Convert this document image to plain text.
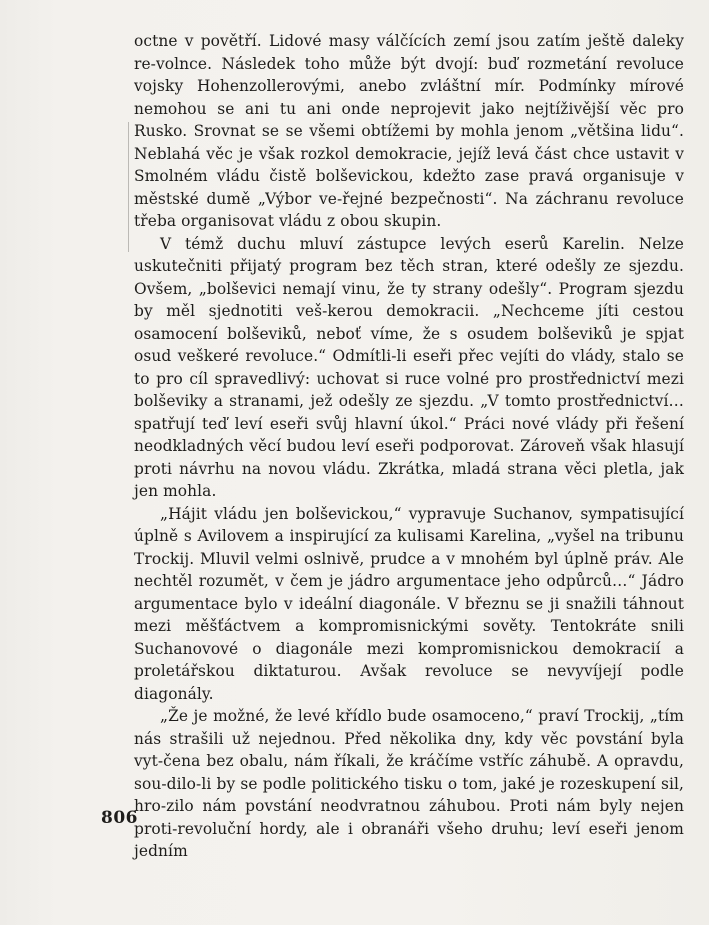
octne v povětří. Lidové masy válčících zemí jsou zatím ještě daleky re-volnce. Následek toho může být dvojí: buď rozmetání revoluce vojsky Hohenzollerovými, anebo zvláštní mír. Podmínky mírové nemohou se ani tu ani onde neprojevit jako nejtíživější věc pro Rusko. Srovnat se se všemi obtížemi by mohla jenom „většina lidu“. Neblahá věc je však rozkol demokracie, jejíž levá část chce ustavit v Smolném vládu čistě bolševickou, kdežto zase pravá organisuje v městské dumě „Výbor ve-řejné bezpečnosti“. Na záchranu revoluce třeba organisovat vládu z obou skupin.

V témž duchu mluví zástupce levých eserů Karelin. Nelze uskutečniti přijatý program bez těch stran, které odešly ze sjezdu. Ovšem, „bolševici nemají vinu, že ty strany odešly“. Program sjezdu by měl sjednotiti veš-kerou demokracii. „Nechceme jíti cestou osamocení bolševiků, neboť víme, že s osudem bolševiků je spjat osud veškeré revoluce.“ Odmítli-li eseři přec vejíti do vlády, stalo se to pro cíl spravedlivý: uchovat si ruce volné pro prostřednictví mezi bolševiky a stranami, jež odešly ze sjezdu. „V tomto prostřednictví… spatřují teď leví eseři svůj hlavní úkol.“ Práci nové vlády při řešení neodkladných věcí budou leví eseři podporovat. Zároveň však hlasují proti návrhu na novou vládu. Zkrátka, mladá strana věci pletla, jak jen mohla.

„Hájit vládu jen bolševickou,“ vypravuje Suchanov, sympatisující úplně s Avilovem a inspirující za kulisami Karelina, „vyšel na tribunu Trockij. Mluvil velmi oslnivě, prudce a v mnohém byl úplně práv. Ale nechtěl rozumět, v čem je jádro argumentace jeho odpůrců…“ Jádro argumentace bylo v ideální diagonále. V březnu se ji snažili táhnout mezi měšťáctvem a kompromisnickými sověty. Tentokráte snili Suchanovové o diagonále mezi kompromisnickou demokracií a proletářskou diktaturou. Avšak revoluce se nevyvíjejí podle diagonály.

„Že je možné, že levé křídlo bude osamoceno,“ praví Trockij, „tím nás strašili už nejednou. Před několika dny, kdy věc povstání byla vyt-čena bez obalu, nám říkali, že kráčíme vstříc záhubě. A opravdu, sou-dilo-li by se podle politického tisku o tom, jaké je rozeskupení sil, hro-zilo nám povstání neodvratnou záhubou. Proti nám byly nejen proti-revoluční hordy, ale i obranáři všeho druhu; leví eseři jenom jedním

806
